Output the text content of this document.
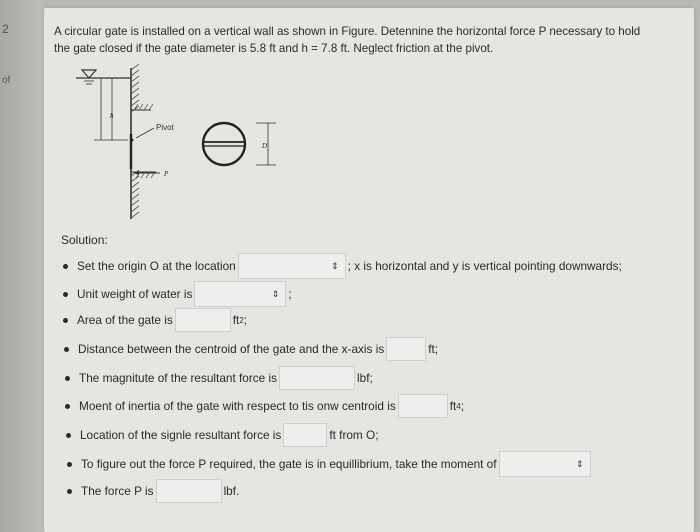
2
of
A circular gate is installed on a vertical wall as shown in Figure. Detennine the horizontal force P necessary to hold the gate closed if the gate diameter is 5.8 ft and h = 7.8 ft. Neglect friction at the pivot.
Pivot
h
P
D
Solution:
Set the origin O at the location	⇕ ; x is horizontal and y is vertical pointing downwards;
Unit weight of water is	⇕ ;
Area of the gate is	ft 2 ;
Distance between the centroid of the gate and the x-axis is	ft;
The magnitute of the resultant force is	lbf;
Moent of inertia of the gate with respect to tis onw centroid is	ft 4 ;
Location of the signle resultant force is	ft from O;
To figure out the force P required, the gate is in equillibrium, take the moment of	⇕
The force P is	lbf.
